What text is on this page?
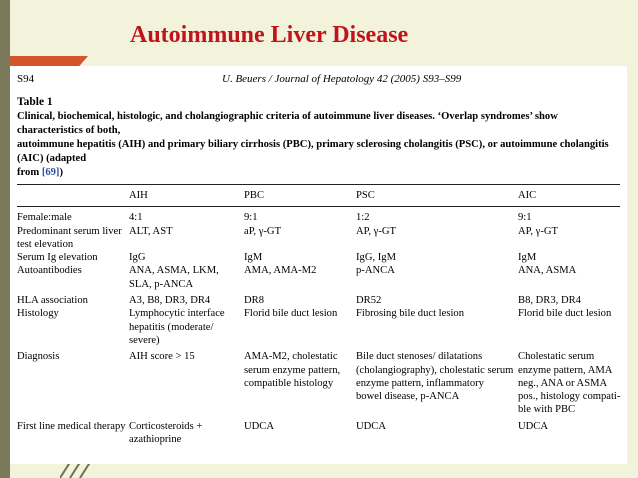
Autoimmune Liver Disease
S94	U. Beuers / Journal of Hepatology 42 (2005) S93–S99
Table 1
Clinical, biochemical, histologic, and cholangiographic criteria of autoimmune liver diseases. ‘Overlap syndromes’ show characteristics of both,
autoimmune hepatitis (AIH) and primary biliary cirrhosis (PBC), primary sclerosing cholangitis (PSC), or autoimmune cholangitis (AIC) (adapted
from [69])
	AIH	PBC	PSC	AIC

Female:male	4:1	9:1	1:2	9:1

Predominant serum liver
test elevation	ALT, AST	aP, γ-GT	AP, γ-GT	AP, γ-GT

Serum Ig elevation	IgG	IgM	IgG, IgM	IgM

Autoantibodies	ANA, ASMA, LKM,
SLA, p-ANCA	AMA, AMA-M2	p-ANCA	ANA, ASMA

HLA association	A3, B8, DR3, DR4	DR8	DR52	B8, DR3, DR4

Histology	Lymphocytic interface
hepatitis (moderate/
severe)	Florid bile duct lesion	Fibrosing bile duct lesion	Florid bile duct lesion

Diagnosis	AIH score > 15	AMA-M2, cholestatic
serum enzyme pattern,
compatible histology	Bile duct stenoses/ dilatations
(cholangiography), cholestatic serum
enzyme pattern, inflammatory
bowel disease, p-ANCA	Cholestatic serum
enzyme pattern, AMA
neg., ANA or ASMA
pos., histology compati-
ble with PBC

First line medical therapy	Corticosteroids +
azathioprine	UDCA	UDCA	UDCA
